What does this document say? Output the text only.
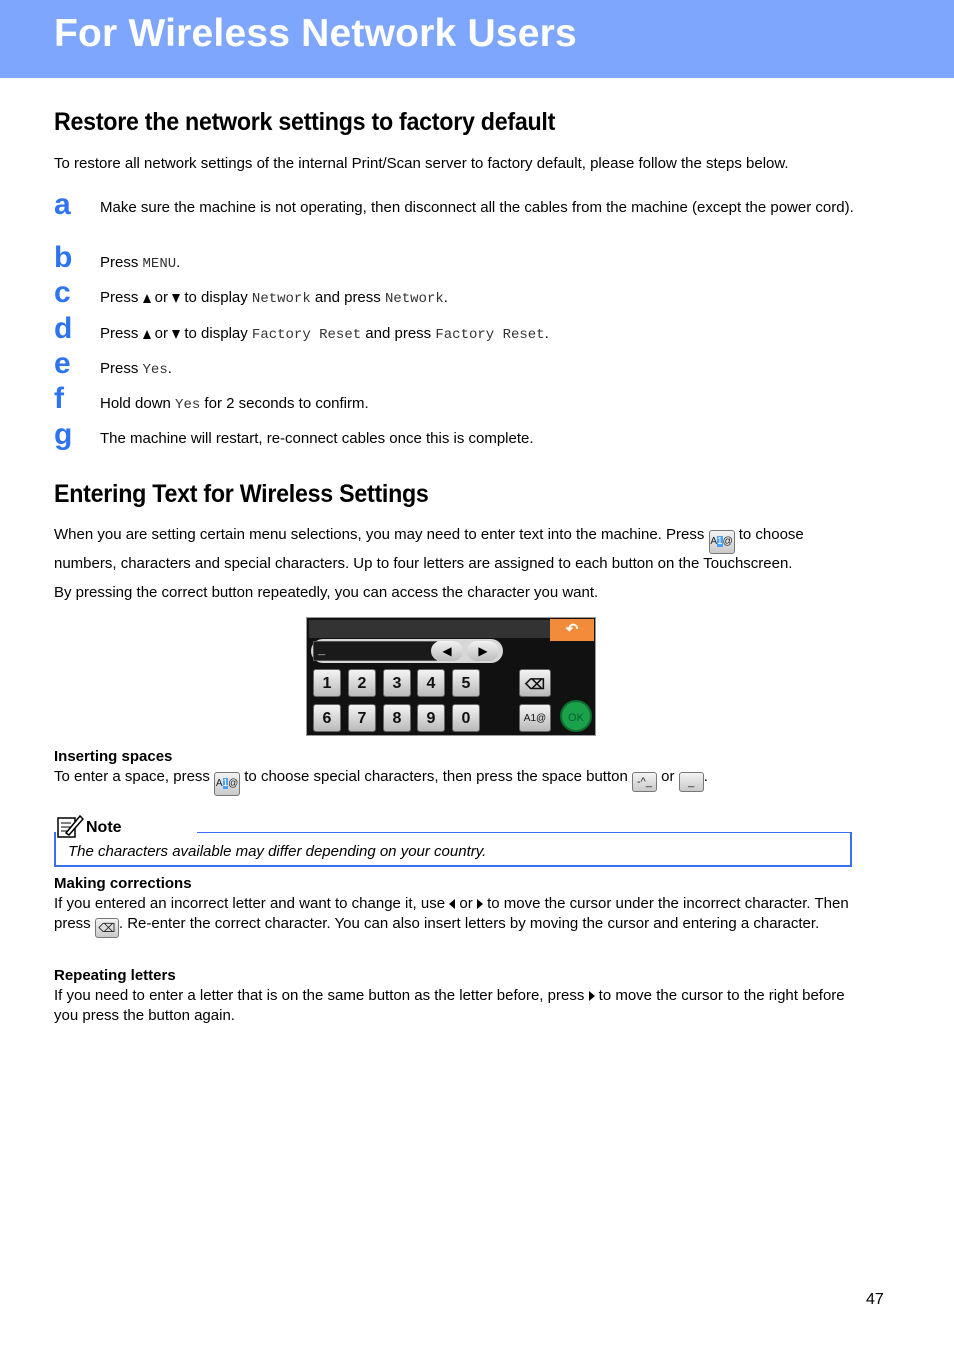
For Wireless Network Users
Restore the network settings to factory default

To restore all network settings of the internal Print/Scan server to factory default, please follow the steps below.

a Make sure the machine is not operating, then disconnect all the cables from the machine (except the power cord).
b Press MENU.
c Press  or  to display Network and press Network.
d Press  or  to display Factory Reset and press Factory Reset.
e Press Yes.
f Hold down Yes for 2 seconds to confirm.
g The machine will restart, re-connect cables once this is complete.
Entering Text for Wireless Settings

When you are setting certain menu selections, you may need to enter text into the machine. Press A1@ to choose numbers, characters and special characters. Up to four letters are assigned to each button on the Touchscreen.

By pressing the correct button repeatedly, you can access the character you want.

↶
_	◀	▶
1	2	3	4	5
6	7	8	9	0
⌫
A1@	OK
Inserting spaces
To enter a space, press A1@ to choose special characters, then press the space button -^_ or _ .
Note
The characters available may differ depending on your country.
Making corrections
If you entered an incorrect letter and want to change it, use or to move the cursor under the incorrect character. Then press ⌫ . Re-enter the correct character. You can also insert letters by moving the cursor and entering a character.
Repeating letters
If you need to enter a letter that is on the same button as the letter before, press to move the cursor to the right before you press the button again.
47
